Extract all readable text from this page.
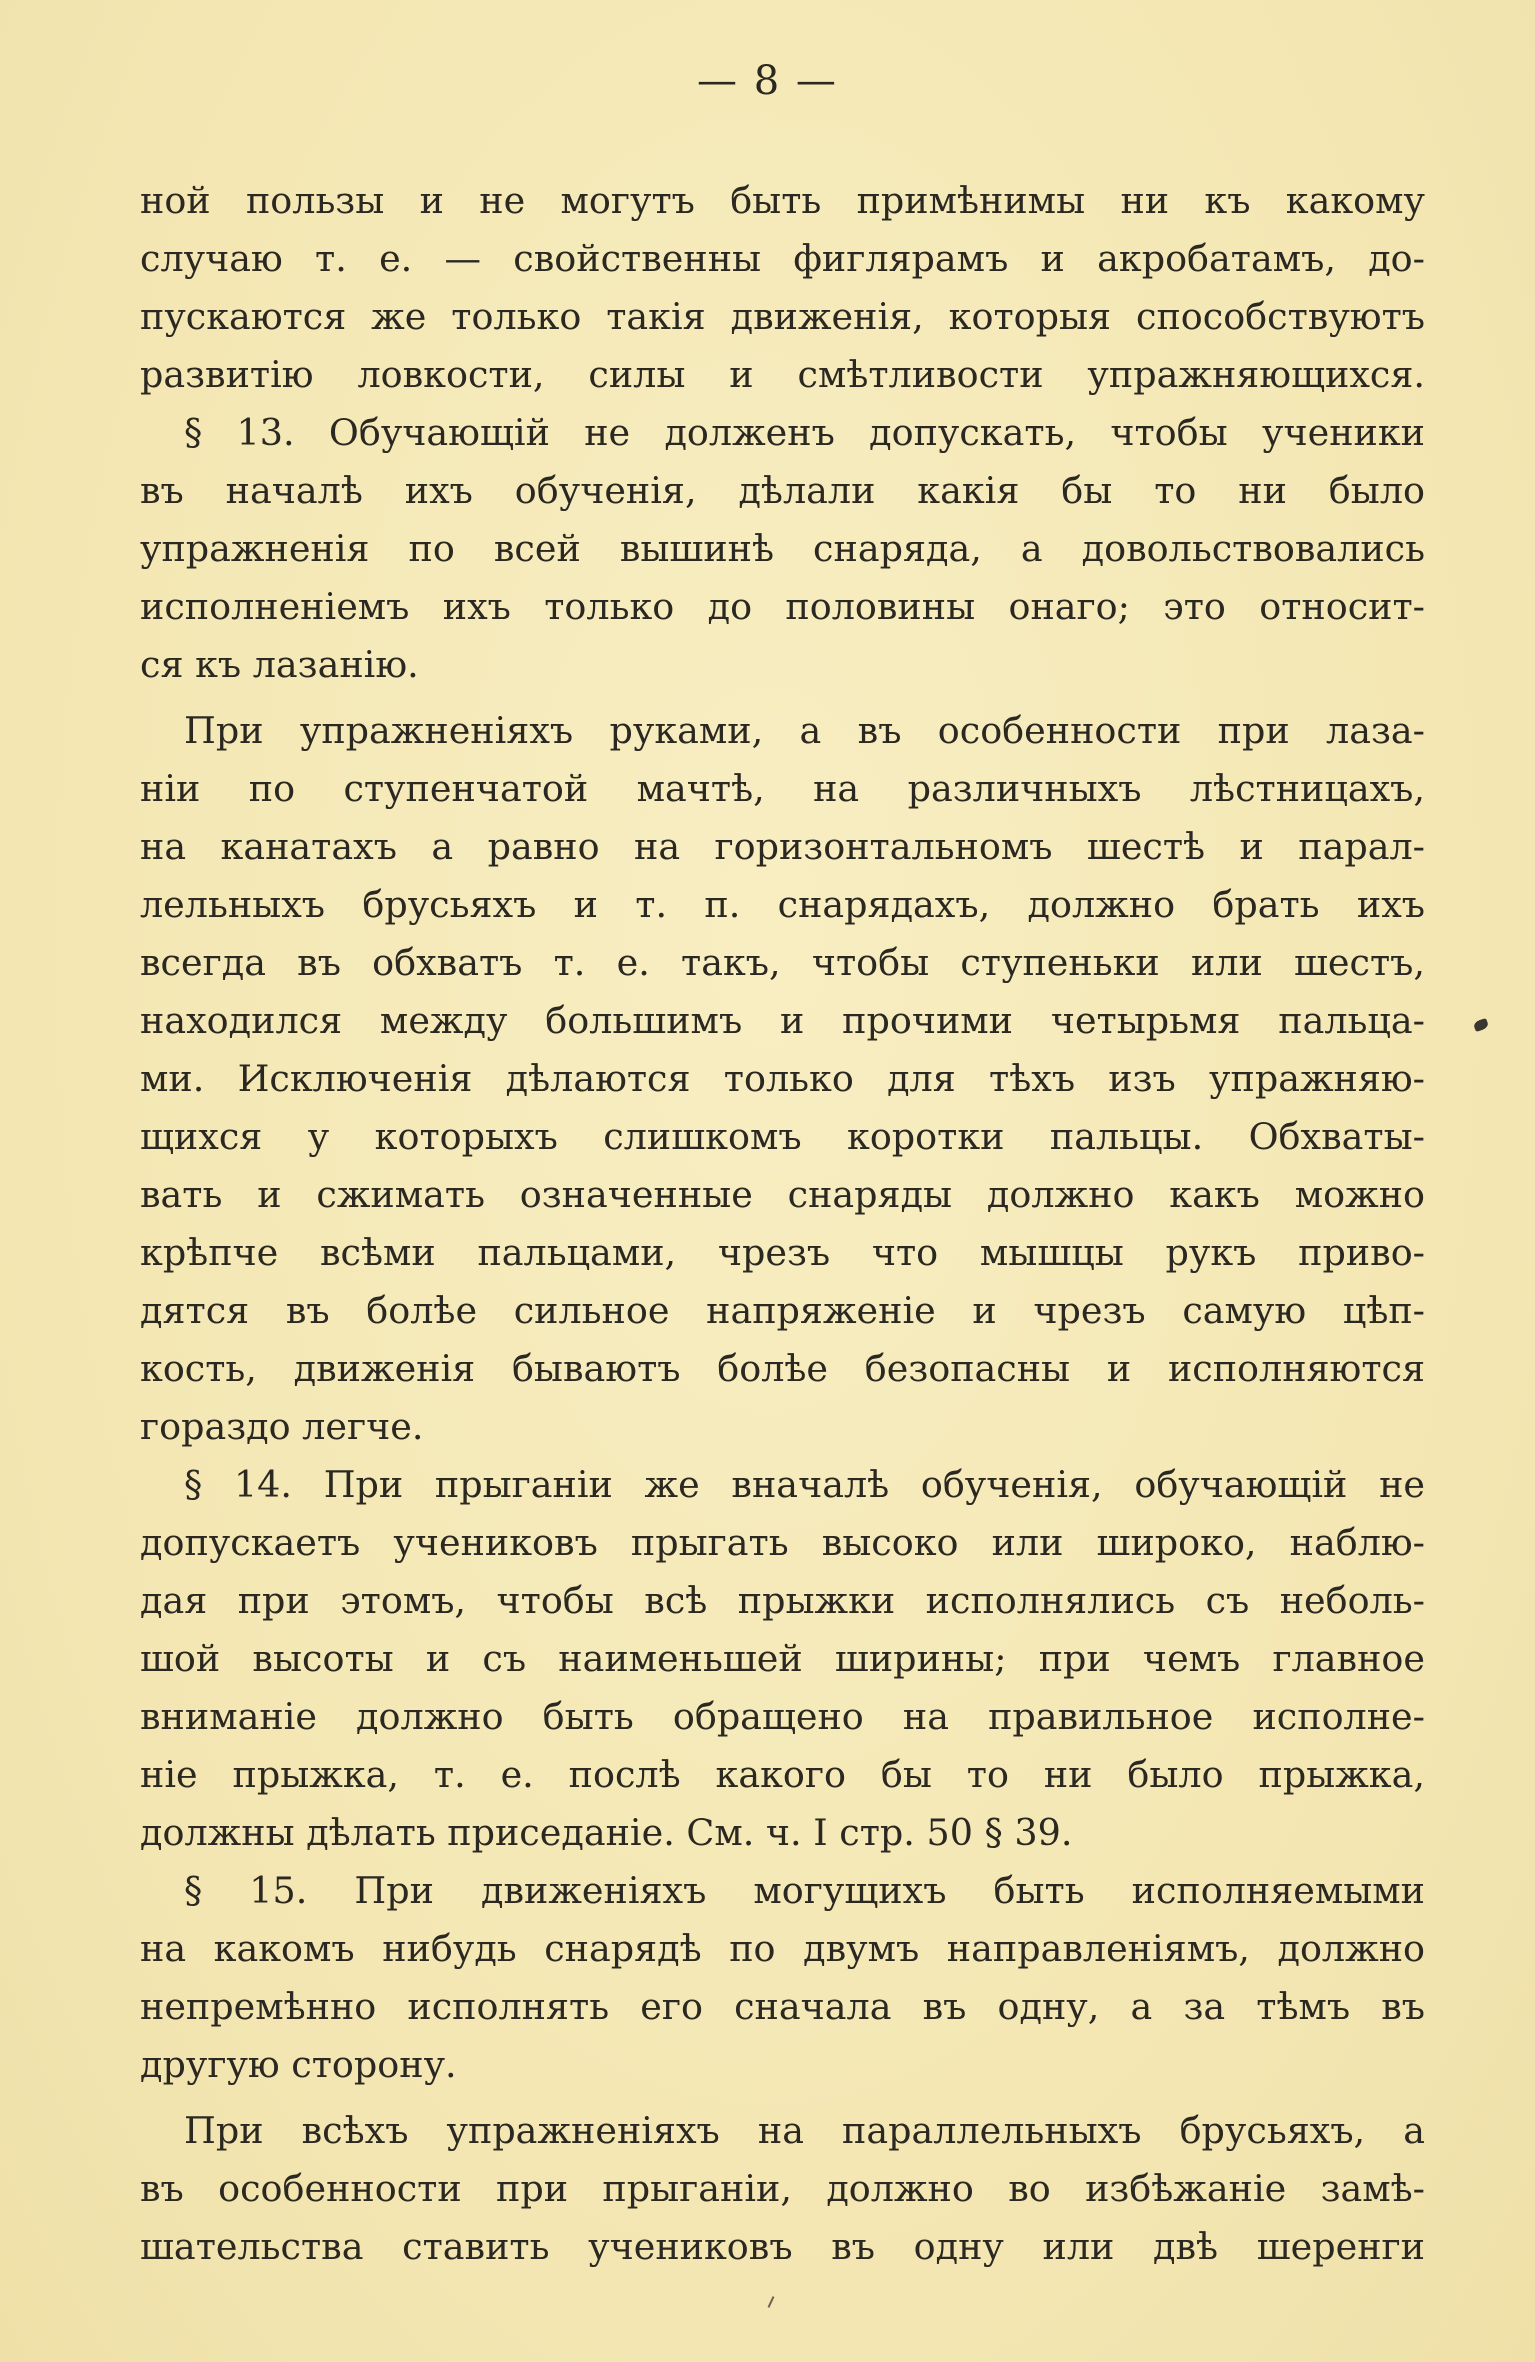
— 8 —
ной пользы и не могутъ быть примѣнимы ни къ какому
случаю т. е. — свойственны фиглярамъ и акробатамъ, до-
пускаются же только такія движенія, которыя способствуютъ
развитію ловкости, силы и смѣтливости упражняющихся.
§ 13. Обучающій не долженъ допускать, чтобы ученики
въ началѣ ихъ обученія, дѣлали какія бы то ни было
упражненія по всей вышинѣ снаряда, а довольствовались
исполненіемъ ихъ только до половины онаго; это относит-
ся къ лазанію.
При упражненіяхъ руками, а въ особенности при лаза-
ніи по ступенчатой мачтѣ, на различныхъ лѣстницахъ,
на канатахъ а равно на горизонтальномъ шестѣ и парал-
лельныхъ брусьяхъ и т. п. снарядахъ, должно брать ихъ
всегда въ обхватъ т. е. такъ, чтобы ступеньки или шестъ,
находился между большимъ и прочими четырьмя пальца-
ми. Исключенія дѣлаются только для тѣхъ изъ упражняю-
щихся у которыхъ слишкомъ коротки пальцы. Обхваты-
вать и сжимать означенные снаряды должно какъ можно
крѣпче всѣми пальцами, чрезъ что мышцы рукъ приво-
дятся въ болѣе сильное напряженіе и чрезъ самую цѣп-
кость, движенія бываютъ болѣе безопасны и исполняются
гораздо легче.
§ 14. При прыганіи же вначалѣ обученія, обучающій не
допускаетъ учениковъ прыгать высоко или широко, наблю-
дая при этомъ, чтобы всѣ прыжки исполнялись съ неболь-
шой высоты и съ наименьшей ширины; при чемъ главное
вниманіе должно быть обращено на правильное исполне-
ніе прыжка, т. е. послѣ какого бы то ни было прыжка,
должны дѣлать приседаніе. См. ч. I стр. 50 § 39.
§ 15. При движеніяхъ могущихъ быть исполняемыми
на какомъ нибудь снарядѣ по двумъ направленіямъ, должно
непремѣнно исполнять его сначала въ одну, а за тѣмъ въ
другую сторону.
При всѣхъ упражненіяхъ на параллельныхъ брусьяхъ, а
въ особенности при прыганіи, должно во избѣжаніе замѣ-
шательства ставить учениковъ въ одну или двѣ шеренги
